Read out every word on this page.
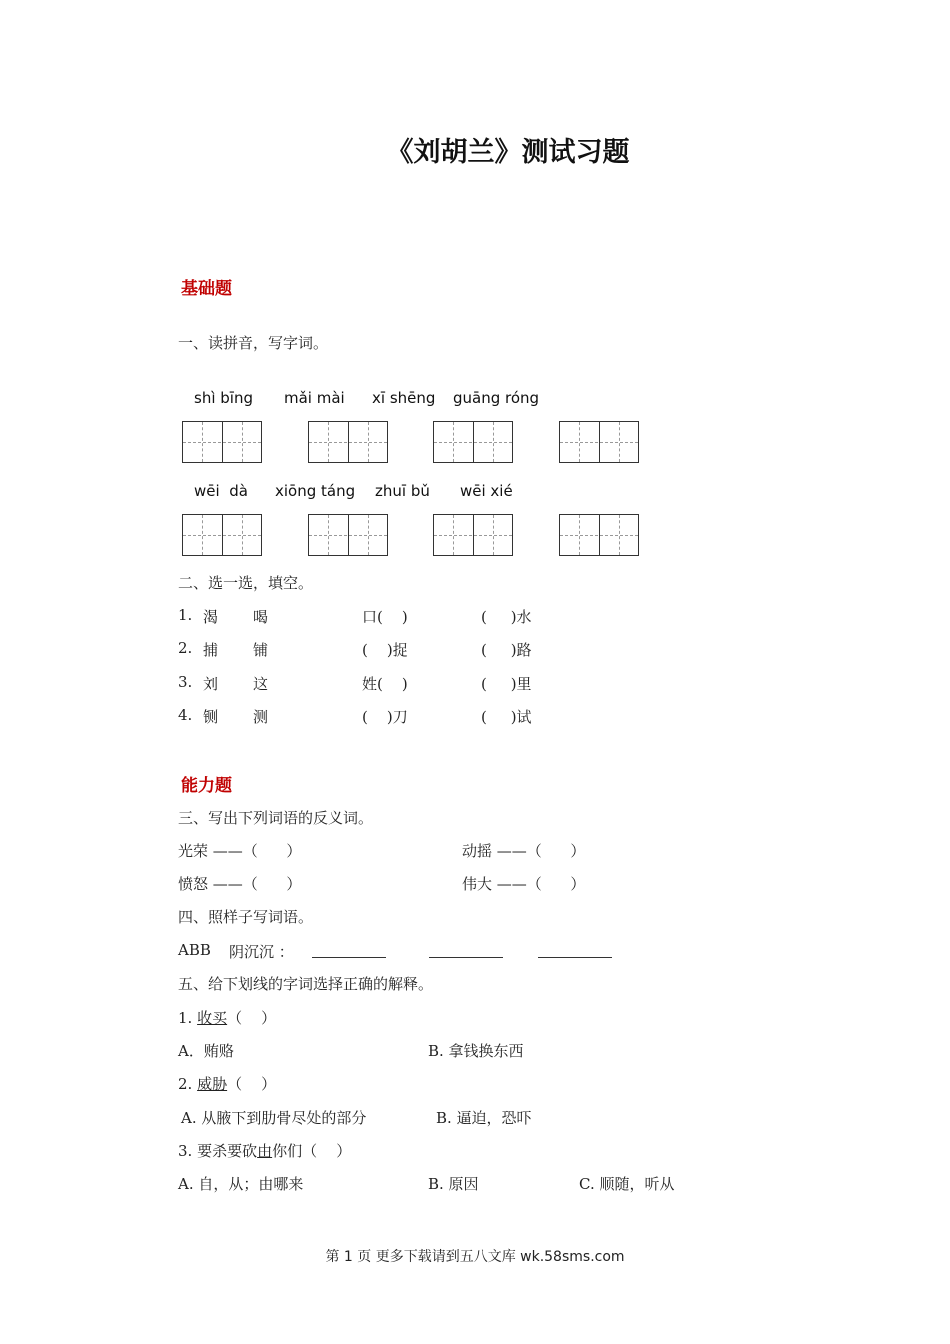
《刘胡兰》测试习题
基础题
一、读拼音，写字词。
shì bīng mǎi mài xī shēng guāng róng
wēi  dà xiōng táng zhuī bǔ wēi xié
二、选一选，填空。
1. 渴 喝	口(    )	(     )水
2. 捕 铺	(    )捉	(     )路
3. 刘 这	姓(    )	(     )里
4. 铡 测	(    )刀	(     )试
能力题
三、写出下列词语的反义词。
光荣 ——（      ）	动摇 ——（      ）
愤怒 ——（      ）	伟大 ——（      ）
四、照样子写词语。
ABB 阴沉沉 ：
五、给下划线的字词选择正确的解释。
1. 收买（    ）
A．贿赂	B. 拿钱换东西
2. 威胁（    ）
A. 从腋下到肋骨尽处的部分	B. 逼迫，恐吓
3. 要杀要砍由你们（    ）
A. 自，从；由哪来	B. 原因	C. 顺随，听从
第 1 页 更多下载请到五八文库 wk.58sms.com
